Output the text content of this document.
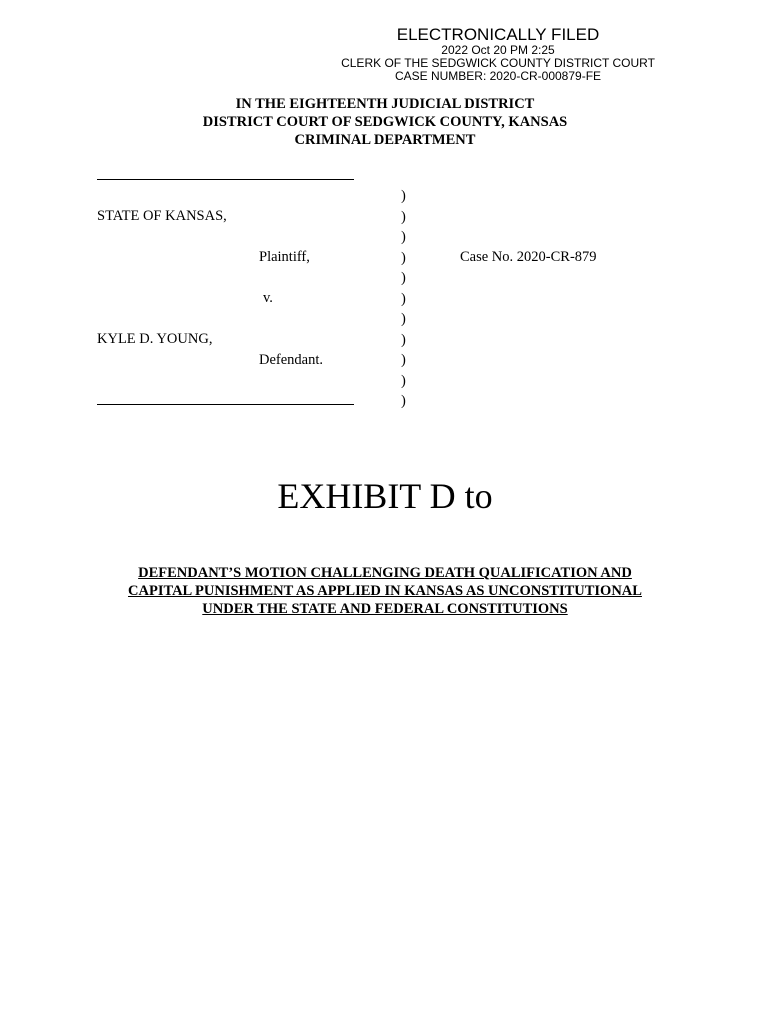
ELECTRONICALLY FILED
2022 Oct 20 PM 2:25
CLERK OF THE SEDGWICK COUNTY DISTRICT COURT
CASE NUMBER: 2020-CR-000879-FE
IN THE EIGHTEENTH JUDICIAL DISTRICT
DISTRICT COURT OF SEDGWICK COUNTY, KANSAS
CRIMINAL DEPARTMENT
STATE OF KANSAS,
Plaintiff,
v.
KYLE D. YOUNG,
Defendant.
)
)
)
)
)
)
)
)
)
)
)
Case No. 2020-CR-879
EXHIBIT D to
DEFENDANT’S MOTION CHALLENGING DEATH QUALIFICATION AND
CAPITAL PUNISHMENT AS APPLIED IN KANSAS AS UNCONSTITUTIONAL
UNDER THE STATE AND FEDERAL CONSTITUTIONS
